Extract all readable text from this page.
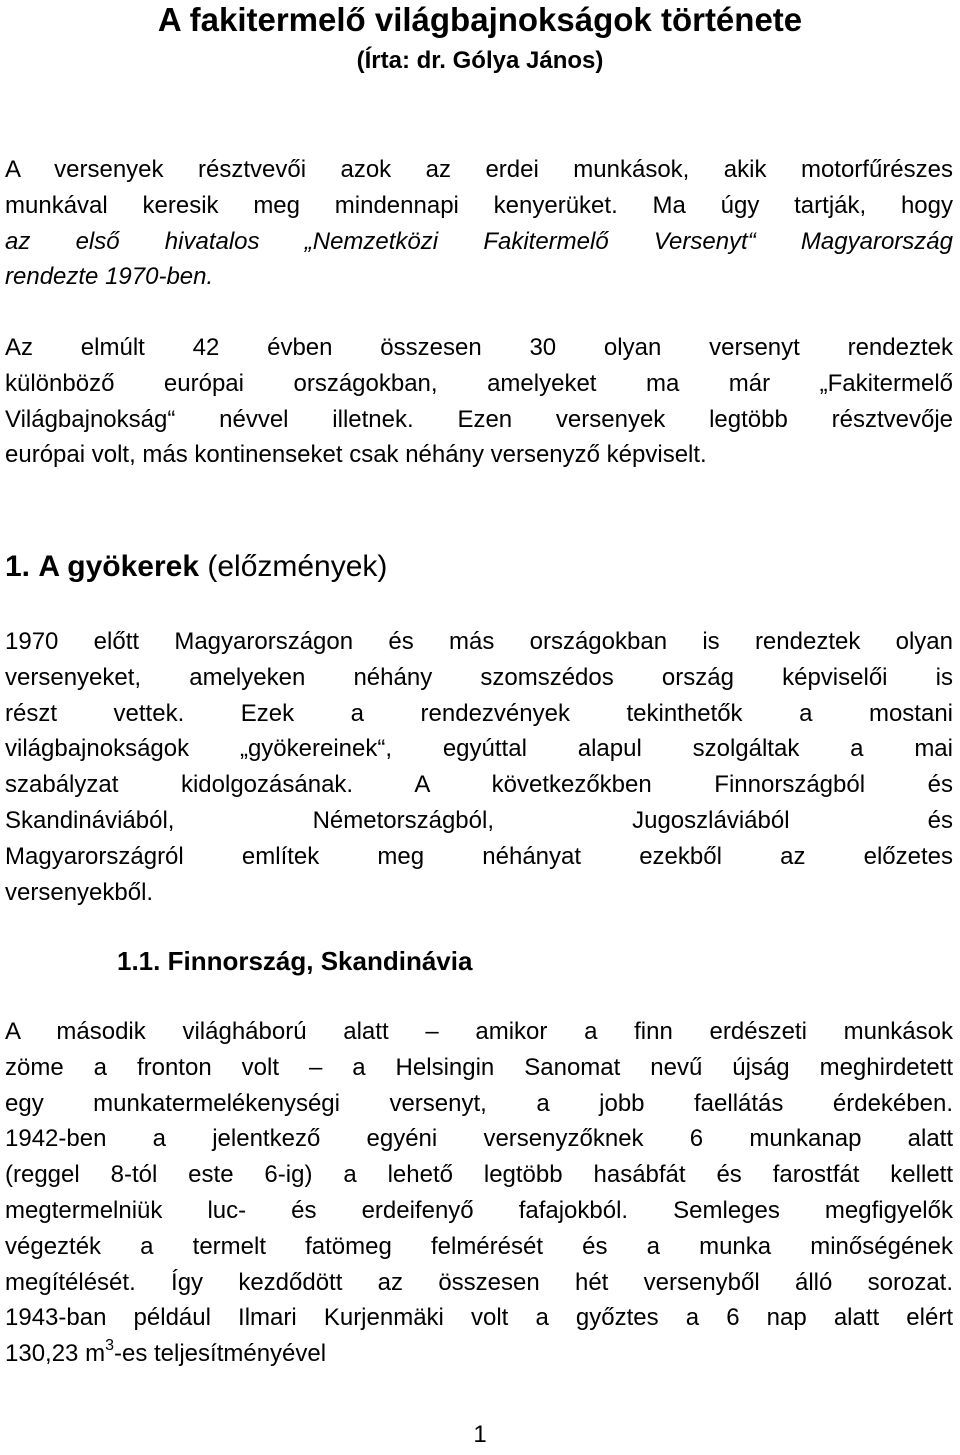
A fakitermelő világbajnokságok története
(Írta: dr. Gólya János)
A versenyek résztvevői azok az erdei munkások, akik motorfűrészes
munkával keresik meg mindennapi kenyerüket. Ma úgy tartják, hogy
az első hivatalos „Nemzetközi Fakitermelő Versenyt“ Magyarország
rendezte 1970-ben.
Az elmúlt 42 évben összesen 30 olyan versenyt rendeztek
különböző európai országokban, amelyeket ma már „Fakitermelő
Világbajnokság“ névvel illetnek. Ezen versenyek legtöbb résztvevője
európai volt, más kontinenseket csak néhány versenyző képviselt.
1. A gyökerek (előzmények)
1970 előtt Magyarországon és más országokban is rendeztek olyan
versenyeket, amelyeken néhány szomszédos ország képviselői is
részt vettek. Ezek a rendezvények tekinthetők a mostani
világbajnokságok „gyökereinek“, egyúttal alapul szolgáltak a mai
szabályzat kidolgozásának. A következőkben Finnországból és
Skandináviából, Németországból, Jugoszláviából és
Magyarországról említek meg néhányat ezekből az előzetes
versenyekből.
1.1. Finnország, Skandinávia
A második világháború alatt – amikor a finn erdészeti munkások
zöme a fronton volt – a Helsingin Sanomat nevű újság meghirdetett
egy munkatermelékenységi versenyt, a jobb faellátás érdekében.
1942-ben a jelentkező egyéni versenyzőknek 6 munkanap alatt
(reggel 8-tól este 6-ig) a lehető legtöbb hasábfát és farostfát kellett
megtermelniük luc- és erdeifenyő fafajokból. Semleges megfigyelők
végezték a termelt fatömeg felmérését és a munka minőségének
megítélését. Így kezdődött az összesen hét versenyből álló sorozat.
1943-ban például Ilmari Kurjenmäki volt a győztes a 6 nap alatt elért
130,23 $m^3-es$ teljesítményével
1
